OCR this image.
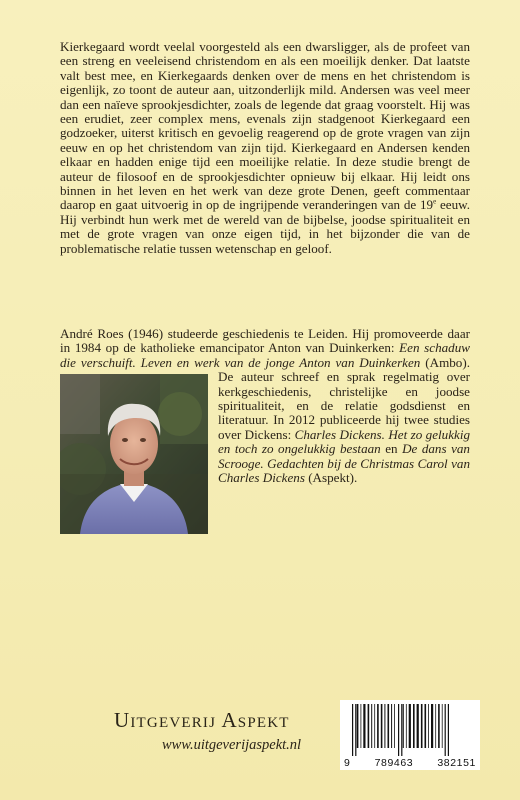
Kierkegaard wordt veelal voorgesteld als een dwarsligger, als de profeet van een streng en veeleisend christendom en als een moeilijk denker. Dat laatste valt best mee, en Kierkegaards denken over de mens en het christendom is eigenlijk, zo toont de auteur aan, uitzonderlijk mild. Andersen was veel meer dan een naïeve sprookjesdichter, zoals de legende dat graag voorstelt. Hij was een erudiet, zeer complex mens, evenals zijn stadgenoot Kierkegaard een godzoeker, uiterst kritisch en gevoelig reagerend op de grote vragen van zijn eeuw en op het christendom van zijn tijd. Kierkegaard en Andersen kenden elkaar en hadden enige tijd een moeilijke relatie. In deze studie brengt de auteur de filosoof en de sprookjesdichter opnieuw bij elkaar. Hij leidt ons binnen in het leven en het werk van deze grote Denen, geeft commentaar daarop en gaat uitvoerig in op de ingrijpende veranderingen van de 19e eeuw. Hij verbindt hun werk met de wereld van de bijbelse, joodse spiritualiteit en met de grote vragen van onze eigen tijd, in het bijzonder die van de problematische relatie tussen wetenschap en geloof.

André Roes (1946) studeerde geschiedenis te Leiden. Hij promoveerde daar in 1984 op de katholieke emancipator Anton van Duinkerken: Een schaduw die verschuift. Leven en werk van de jonge Anton van Duinkerken
(Ambo). De auteur schreef en sprak regelmatig over kerkgeschiedenis, christelijke en joodse spiritualiteit, en de relatie godsdienst en literatuur. In 2012 publiceerde hij twee studies over Dickens: Charles Dickens. Het zo gelukkig en toch zo ongelukkig bestaan en De dans van Scrooge. Gedachten bij de Christmas Carol van Charles Dickens (Aspekt).

Uitgeverij Aspekt
www.uitgeverijaspekt.nl
9 789463 382151
